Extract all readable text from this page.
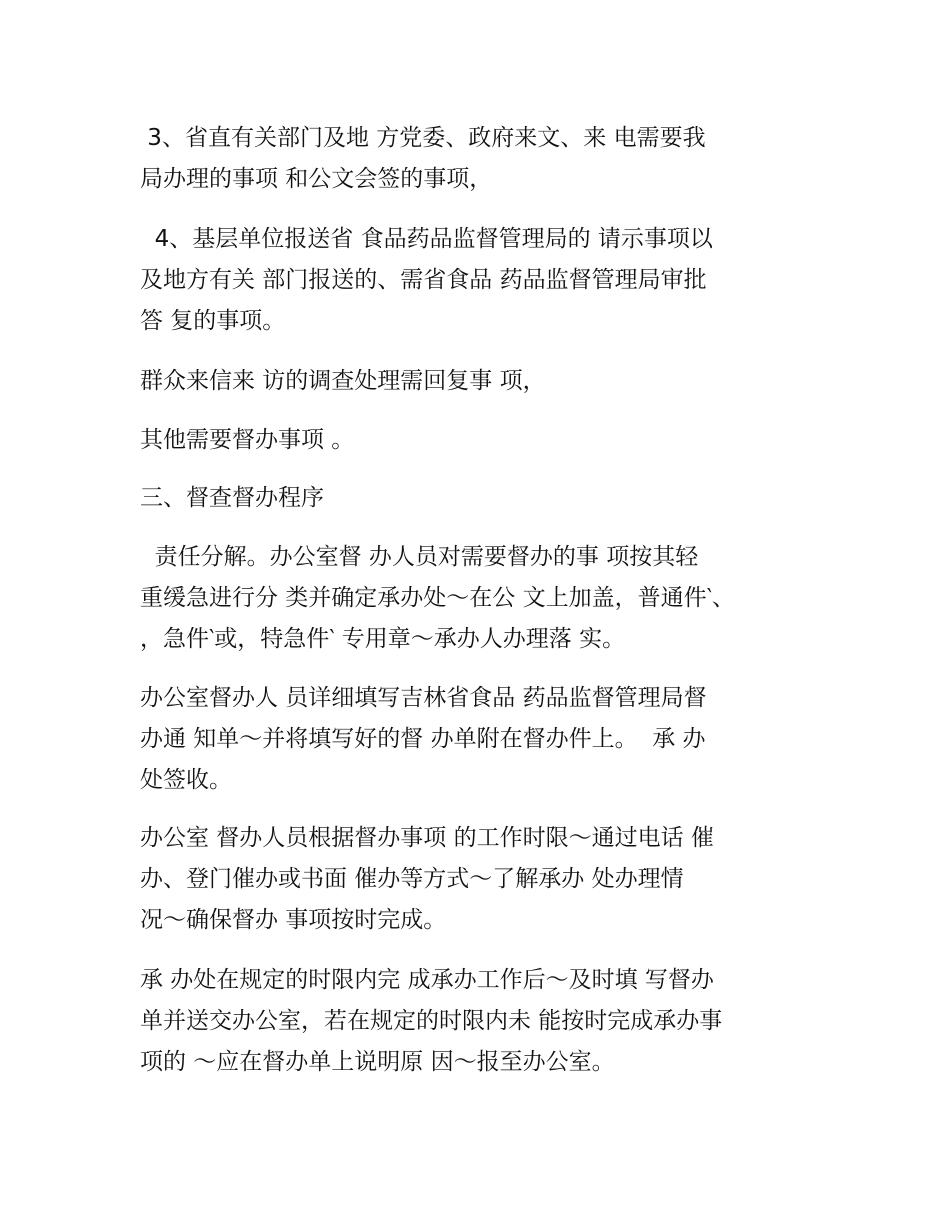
3、省直有关部门及地 方党委、政府来文、来 电需要我
局办理的事项 和公文会签的事项，
4、基层单位报送省 食品药品监督管理局的 请示事项以
及地方有关 部门报送的、需省食品 药品监督管理局审批
答 复的事项。
群众来信来 访的调查处理需回复事 项，
其他需要督办事项 。
三、督查督办程序
责任分解。办公室督 办人员对需要督办的事 项按其轻
重缓急进行分 类并确定承办处～在公 文上加盖，普通件‵、
，急件‵或，特急件‵ 专用章～承办人办理落 实。
办公室督办人 员详细填写吉林省食品 药品监督管理局督
办通 知单～并将填写好的督 办单附在督办件上。  承 办
处签收。
办公室 督办人员根据督办事项 的工作时限～通过电话 催
办、登门催办或书面 催办等方式～了解承办 处办理情
况～确保督办 事项按时完成。
承 办处在规定的时限内完 成承办工作后～及时填 写督办
单并送交办公室，若在规定的时限内未 能按时完成承办事
项的 ～应在督办单上说明原 因～报至办公室。
